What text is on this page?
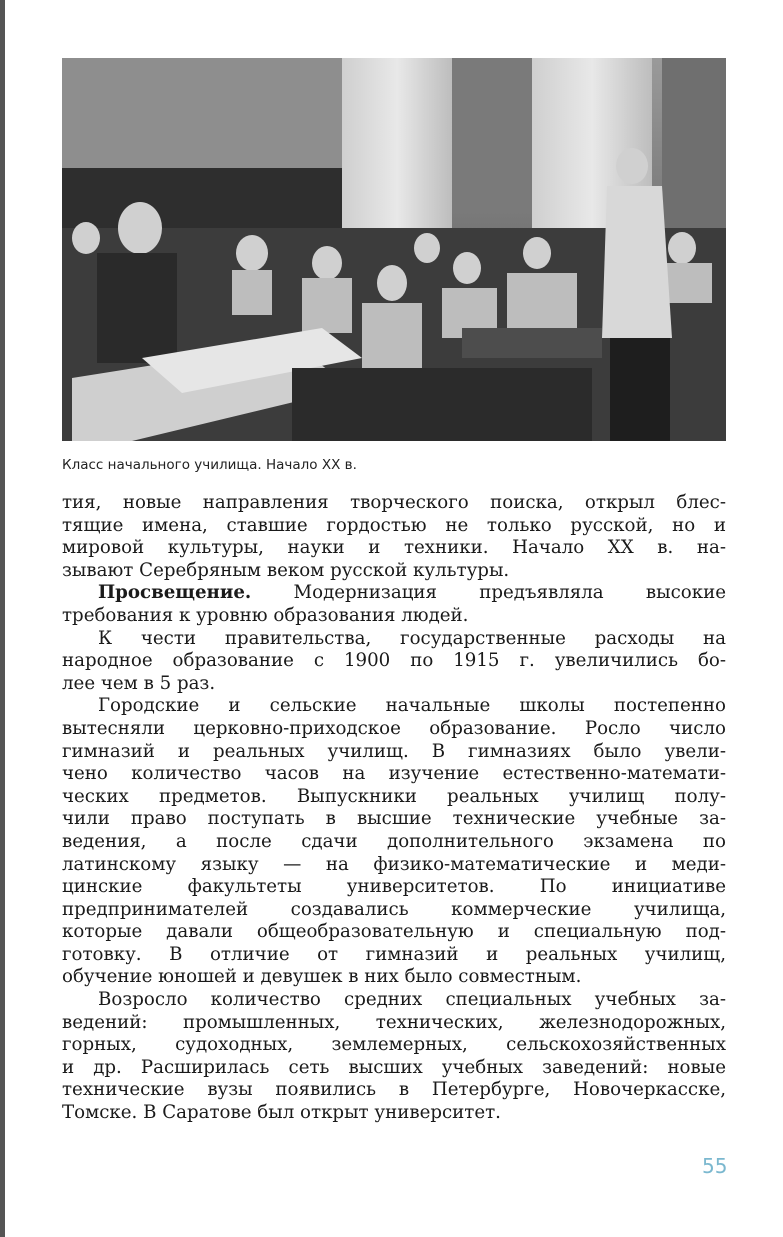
Класс начального училища. Начало XX в.
тия, новые направления творческого поиска, открыл блес-
тящие имена, ставшие гордостью не только русской, но и
мировой культуры, науки и техники. Начало XX в. на-
зывают Серебряным веком русской культуры.
Просвещение. Модернизация предъявляла высокие
требования к уровню образования людей.
К чести правительства, государственные расходы на
народное образование с 1900 по 1915 г. увеличились бо-
лее чем в 5 раз.
Городские и сельские начальные школы постепенно
вытесняли церковно-приходское образование. Росло число
гимназий и реальных училищ. В гимназиях было увели-
чено количество часов на изучение естественно-математи-
ческих предметов. Выпускники реальных училищ полу-
чили право поступать в высшие технические учебные за-
ведения, а после сдачи дополнительного экзамена по
латинскому языку — на физико-математические и меди-
цинские факультеты университетов. По инициативе
предпринимателей создавались коммерческие училища,
которые давали общеобразовательную и специальную под-
готовку. В отличие от гимназий и реальных училищ,
обучение юношей и девушек в них было совместным.
Возросло количество средних специальных учебных за-
ведений: промышленных, технических, железнодорожных,
горных, судоходных, землемерных, сельскохозяйственных
и др. Расширилась сеть высших учебных заведений: новые
технические вузы появились в Петербурге, Новочеркасске,
Томске. В Саратове был открыт университет.
55
